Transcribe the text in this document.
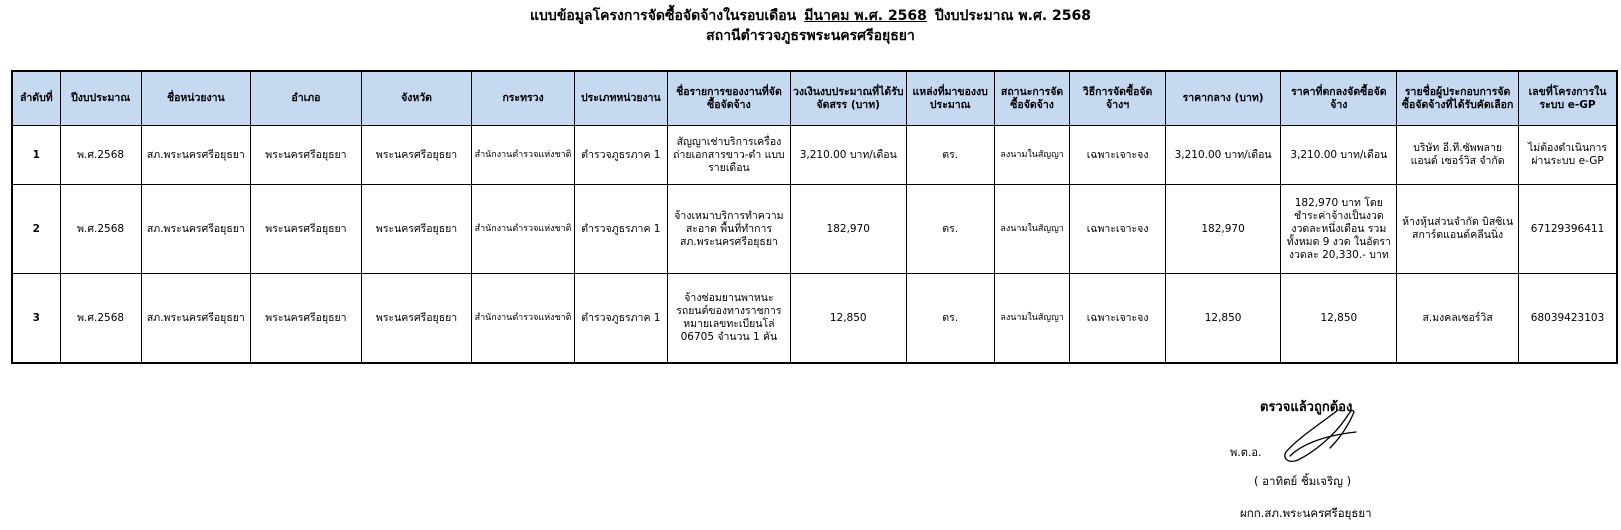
แบบข้อมูลโครงการจัดซื้อจัดจ้างในรอบเดือน มีนาคม พ.ศ. 2568 ปีงบประมาณ พ.ศ. 2568
สถานีตำรวจภูธรพระนครศรีอยุธยา
ลำดับที่	ปีงบประมาณ	ชื่อหน่วยงาน	อำเภอ	จังหวัด	กระทรวง	ประเภทหน่วยงาน	ชื่อรายการของงานที่จัดซื้อจัดจ้าง	วงเงินงบประมาณที่ได้รับจัดสรร (บาท)	แหล่งที่มาของงบประมาณ	สถานะการจัดซื้อจัดจ้าง	วิธีการจัดซื้อจัดจ้างฯ	ราคากลาง (บาท)	ราคาที่ตกลงจัดซื้อจัดจ้าง	รายชื่อผู้ประกอบการจัดซื้อจัดจ้างที่ได้รับคัดเลือก	เลขที่โครงการในระบบ e-GP
1	พ.ศ.2568	สภ.พระนครศรีอยุธยา	พระนครศรีอยุธยา	พระนครศรีอยุธยา	สำนักงานตำรวจแห่งชาติ	ตำรวจภูธรภาค 1	สัญญาเช่าบริการเครื่องถ่ายเอกสารขาว-ดำ แบบรายเดือน	3,210.00 บาท/เดือน	ตร.	ลงนามในสัญญา	เฉพาะเจาะจง	3,210.00 บาท/เดือน	3,210.00 บาท/เดือน	บริษัท อี.ที.ซัพพลาย แอนด์ เซอร์วิส จำกัด	ไม่ต้องดำเนินการผ่านระบบ e-GP
2	พ.ศ.2568	สภ.พระนครศรีอยุธยา	พระนครศรีอยุธยา	พระนครศรีอยุธยา	สำนักงานตำรวจแห่งชาติ	ตำรวจภูธรภาค 1	จ้างเหมาบริการทำความสะอาด พื้นที่ทำการ สภ.พระนครศรีอยุธยา	182,970	ตร.	ลงนามในสัญญา	เฉพาะเจาะจง	182,970	182,970 บาท โดยชำระค่าจ้างเป็นงวด งวดละหนึ่งเดือน รวมทั้งหมด 9 งวด ในอัตรางวดละ 20,330.- บาท	ห้างหุ้นส่วนจำกัด บิสซิเนสการ์ดแอนด์คลีนนิ่ง	67129396411
3	พ.ศ.2568	สภ.พระนครศรีอยุธยา	พระนครศรีอยุธยา	พระนครศรีอยุธยา	สำนักงานตำรวจแห่งชาติ	ตำรวจภูธรภาค 1	จ้างซ่อมยานพาหนะรถยนต์ของทางราชการ หมายเลขทะเบียนโล่ 06705 จำนวน 1 คัน	12,850	ตร.	ลงนามในสัญญา	เฉพาะเจาะจง	12,850	12,850	ส.มงคลเซอร์วิส	68039423103
ตรวจแล้วถูกต้อง
พ.ต.อ.
( อาทิตย์ ชิ้มเจริญ )
ผกก.สภ.พระนครศรีอยุธยา
